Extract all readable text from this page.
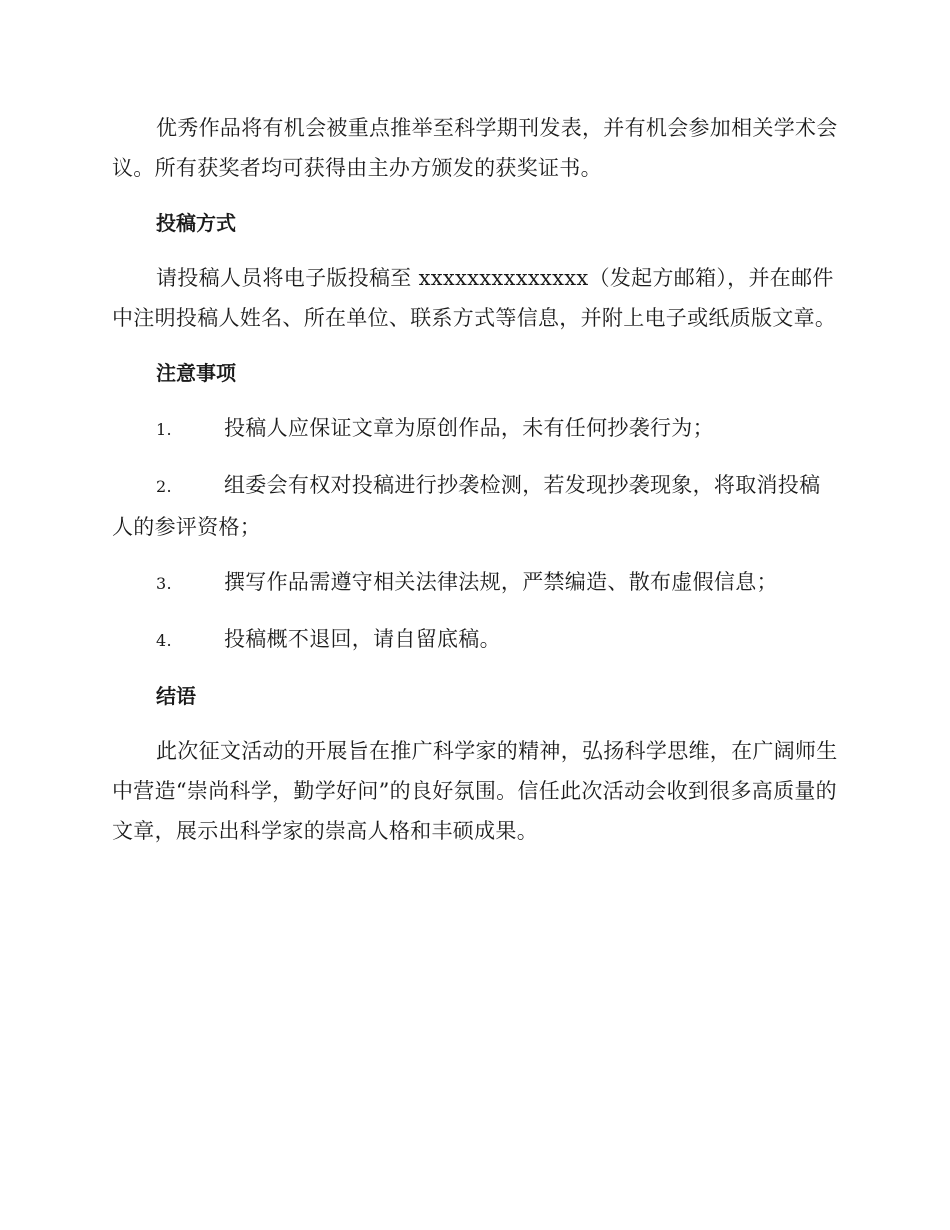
优秀作品将有机会被重点推举至科学期刊发表，并有机会参加相关学术会议。所有获奖者均可获得由主办方颁发的获奖证书。

投稿方式

请投稿人员将电子版投稿至 xxxxxxxxxxxxxx（发起方邮箱），并在邮件中注明投稿人姓名、所在单位、联系方式等信息，并附上电子或纸质版文章。

注意事项
1. 投稿人应保证文章为原创作品，未有任何抄袭行为；
2. 组委会有权对投稿进行抄袭检测，若发现抄袭现象，将取消投稿人的参评资格；
3. 撰写作品需遵守相关法律法规，严禁编造、散布虚假信息；
4. 投稿概不退回，请自留底稿。
结语

此次征文活动的开展旨在推广科学家的精神，弘扬科学思维，在广阔师生中营造“崇尚科学，勤学好问”的良好氛围。信任此次活动会收到很多高质量的文章，展示出科学家的崇高人格和丰硕成果。
